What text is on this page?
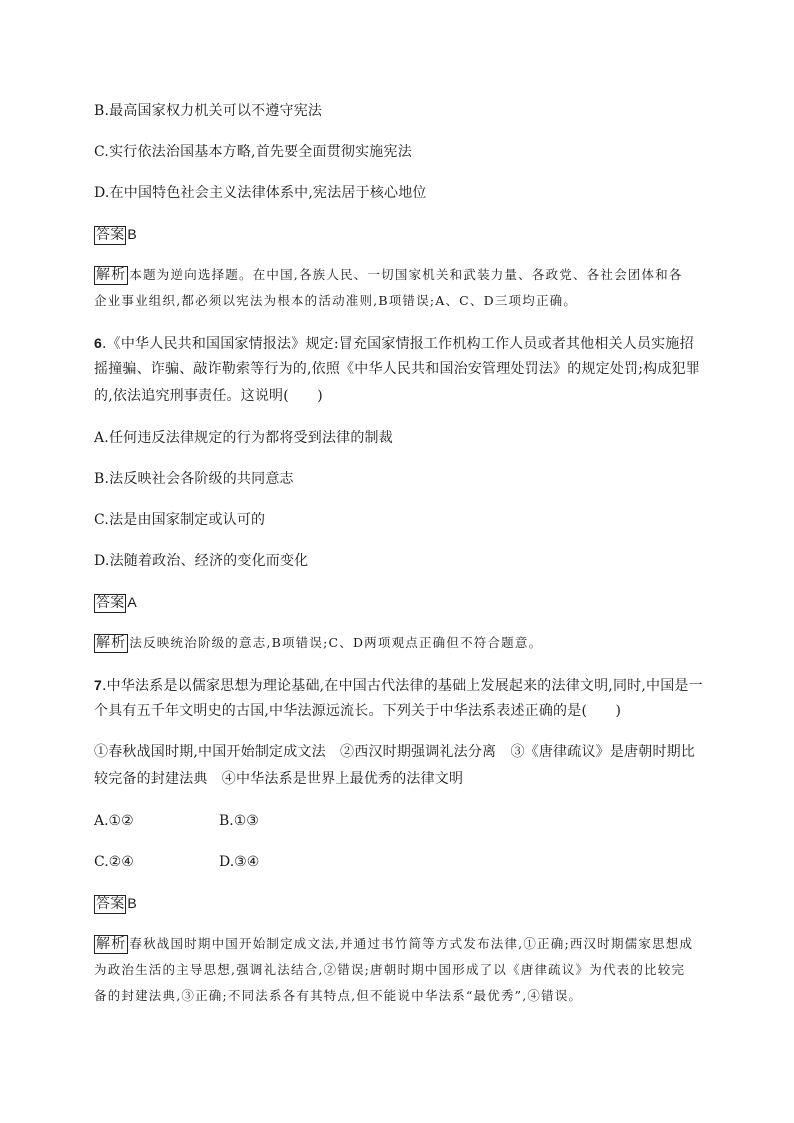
B.最高国家权力机关可以不遵守宪法
C.实行依法治国基本方略,首先要全面贯彻实施宪法
D.在中国特色社会主义法律体系中,宪法居于核心地位
答案 B
解析 本题为逆向选择题。在中国,各族人民、一切国家机关和武装力量、各政党、各社会团体和各
企业事业组织,都必须以宪法为根本的活动准则,B项错误;A、C、D三项均正确。
6.《中华人民共和国国家情报法》规定:冒充国家情报工作机构工作人员或者其他相关人员实施招
摇撞骗、诈骗、敲诈勒索等行为的,依照《中华人民共和国治安管理处罚法》的规定处罚;构成犯罪
的,依法追究刑事责任。这说明(　　)
A.任何违反法律规定的行为都将受到法律的制裁
B.法反映社会各阶级的共同意志
C.法是由国家制定或认可的
D.法随着政治、经济的变化而变化
答案 A
解析 法反映统治阶级的意志,B项错误;C、D两项观点正确但不符合题意。
7.中华法系是以儒家思想为理论基础,在中国古代法律的基础上发展起来的法律文明,同时,中国是一
个具有五千年文明史的古国,中华法源远流长。下列关于中华法系表述正确的是(　　)
①春秋战国时期,中国开始制定成文法　②西汉时期强调礼法分离　③《唐律疏议》是唐朝时期比
较完备的封建法典　④中华法系是世界上最优秀的法律文明
A.①②	B.①③
C.②④	D.③④
答案 B
解析 春秋战国时期中国开始制定成文法,并通过书竹简等方式发布法律,①正确;西汉时期儒家思想成
为政治生活的主导思想,强调礼法结合,②错误;唐朝时期中国形成了以《唐律疏议》为代表的比较完
备的封建法典,③正确;不同法系各有其特点,但不能说中华法系“最优秀”,④错误。
